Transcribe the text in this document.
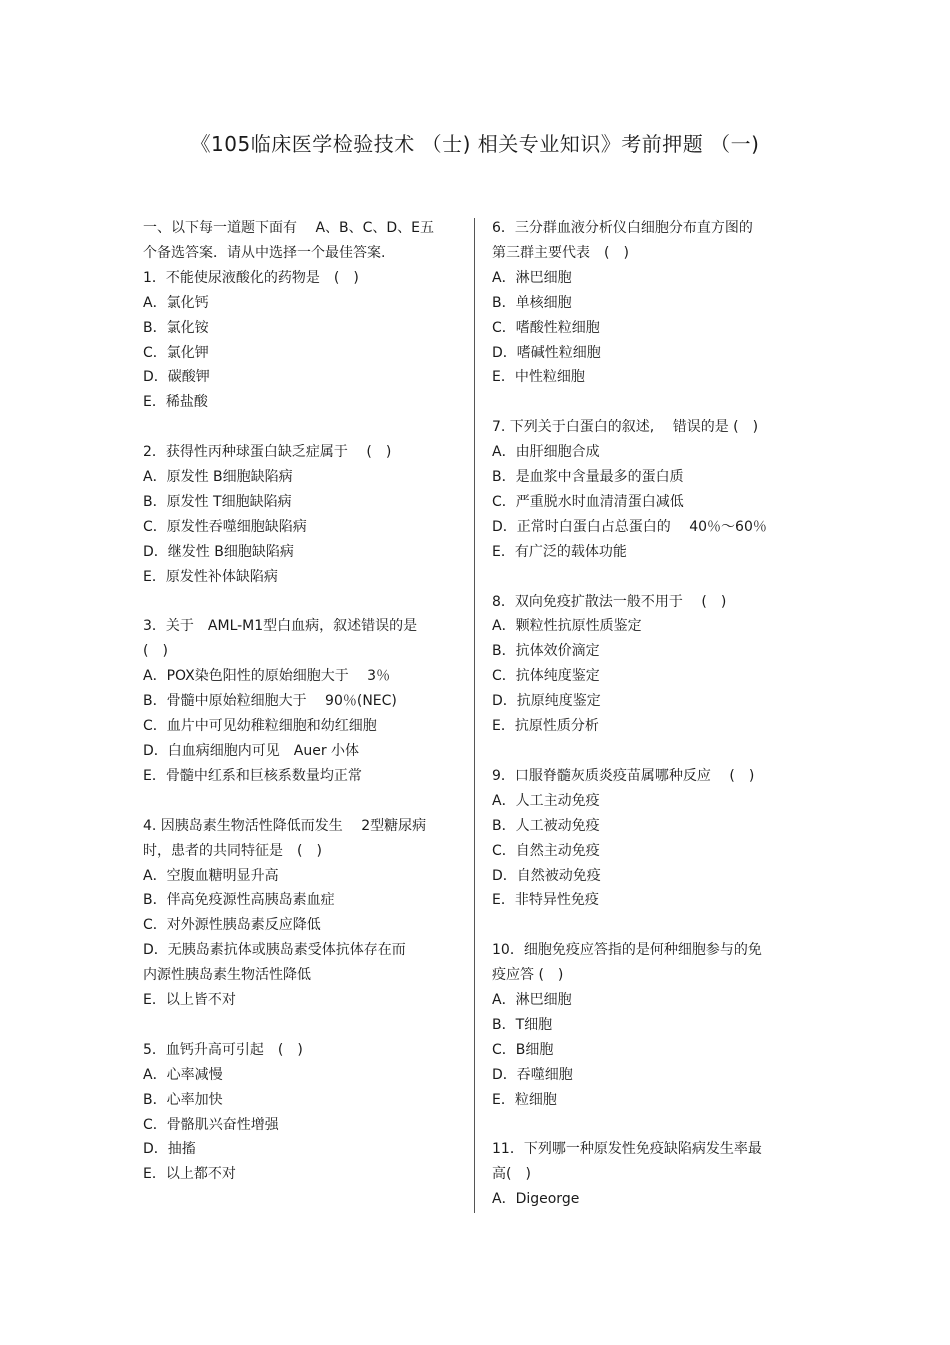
《105临床医学检验技术 （士) 相关专业知识》考前押题 （一)
一、以下每一道题下面有　 A、B、C、D、E五
个备选答案．请从中选择一个最佳答案.
1．不能使尿液酸化的药物是　(　)
A．氯化钙
B．氯化铵
C．氯化钾
D．碳酸钾
E．稀盐酸
2．获得性丙种球蛋白缺乏症属于　 (　)
A．原发性 B细胞缺陷病
B．原发性 T细胞缺陷病
C．原发性吞噬细胞缺陷病
D．继发性 B细胞缺陷病
E．原发性补体缺陷病
3．关于　AML-M1型白血病，叙述错误的是
(　)
A．POX染色阳性的原始细胞大于　 3％
B．骨髓中原始粒细胞大于　 90％(NEC)
C．血片中可见幼稚粒细胞和幼红细胞
D．白血病细胞内可见　Auer 小体
E．骨髓中红系和巨核系数量均正常
4. 因胰岛素生物活性降低而发生　 2型糖尿病
时，患者的共同特征是　(　)
A．空腹血糖明显升高
B．伴高免疫源性高胰岛素血症
C．对外源性胰岛素反应降低
D．无胰岛素抗体或胰岛素受体抗体存在而
内源性胰岛素生物活性降低
E．以上皆不对
5．血钙升高可引起　(　)
A．心率减慢
B．心率加快
C．骨骼肌兴奋性增强
D．抽搐
E．以上都不对
6．三分群血液分析仪白细胞分布直方图的
第三群主要代表　(　)
A．淋巴细胞
B．单核细胞
C．嗜酸性粒细胞
D．嗜碱性粒细胞
E．中性粒细胞
7. 下列关于白蛋白的叙述,　 错误的是 (　)
A．由肝细胞合成
B．是血浆中含量最多的蛋白质
C．严重脱水时血清清蛋白减低
D．正常时白蛋白占总蛋白的　 40％～60％
E．有广泛的载体功能
8．双向免疫扩散法一般不用于　 (　)
A．颗粒性抗原性质鉴定
B．抗体效价滴定
C．抗体纯度鉴定
D．抗原纯度鉴定
E．抗原性质分析
9．口服脊髓灰质炎疫苗属哪种反应　 (　)
A．人工主动免疫
B．人工被动免疫
C．自然主动免疫
D．自然被动免疫
E．非特异性免疫
10．细胞免疫应答指的是何种细胞参与的免
疫应答 (　)
A．淋巴细胞
B．T细胞
C．B细胞
D．吞噬细胞
E．粒细胞
11．下列哪一种原发性免疫缺陷病发生率最
高(　)
A．Digeorge
